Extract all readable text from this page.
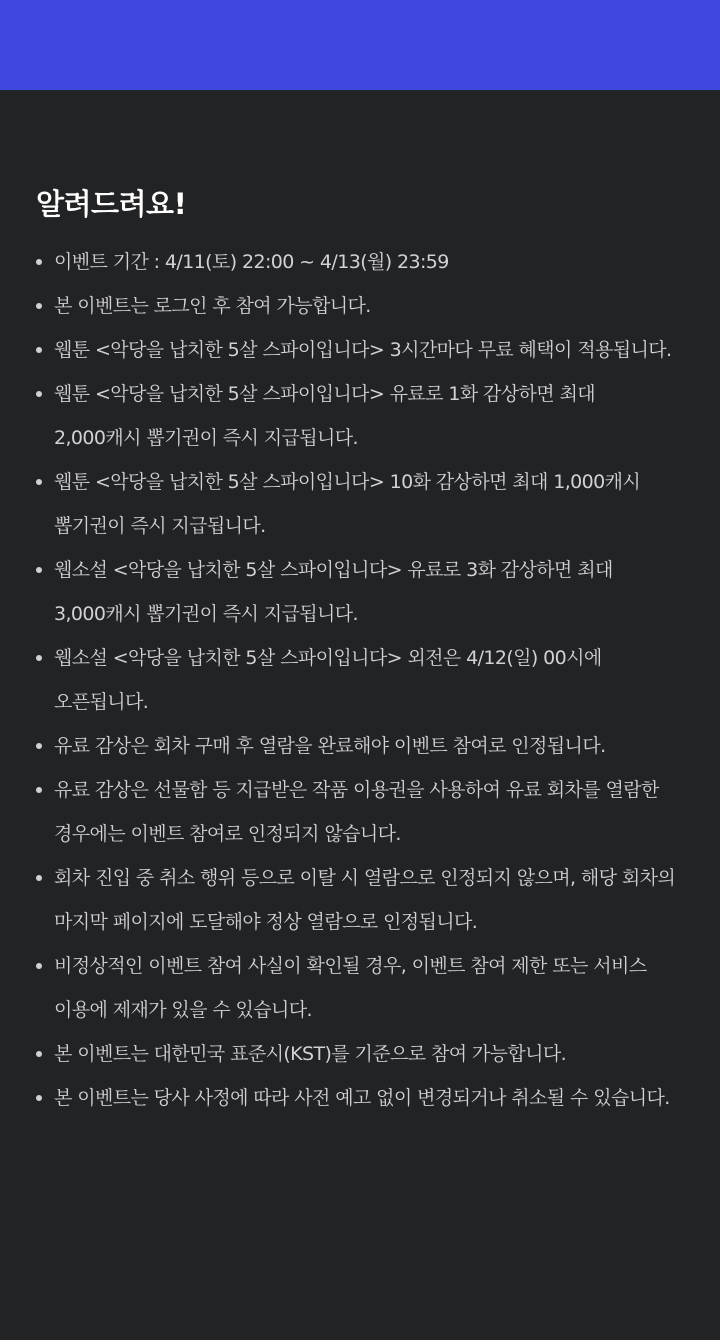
알려드려요!
이벤트 기간 : 4/11(토) 22:00 ~ 4/13(월) 23:59
본 이벤트는 로그인 후 참여 가능합니다.
웹툰 <악당을 납치한 5살 스파이입니다> 3시간마다 무료 혜택이 적용됩니다.
웹툰 <악당을 납치한 5살 스파이입니다> 유료로 1화 감상하면 최대 2,000캐시 뽑기권이 즉시 지급됩니다.
웹툰 <악당을 납치한 5살 스파이입니다> 10화 감상하면 최대 1,000캐시 뽑기권이 즉시 지급됩니다.
웹소설 <악당을 납치한 5살 스파이입니다> 유료로 3화 감상하면 최대 3,000캐시 뽑기권이 즉시 지급됩니다.
웹소설 <악당을 납치한 5살 스파이입니다> 외전은 4/12(일) 00시에 오픈됩니다.
유료 감상은 회차 구매 후 열람을 완료해야 이벤트 참여로 인정됩니다.
유료 감상은 선물함 등 지급받은 작품 이용권을 사용하여 유료 회차를 열람한 경우에는 이벤트 참여로 인정되지 않습니다.
회차 진입 중 취소 행위 등으로 이탈 시 열람으로 인정되지 않으며, 해당 회차의 마지막 페이지에 도달해야 정상 열람으로 인정됩니다.
비정상적인 이벤트 참여 사실이 확인될 경우, 이벤트 참여 제한 또는 서비스 이용에 제재가 있을 수 있습니다.
본 이벤트는 대한민국 표준시(KST)를 기준으로 참여 가능합니다.
본 이벤트는 당사 사정에 따라 사전 예고 없이 변경되거나 취소될 수 있습니다.
